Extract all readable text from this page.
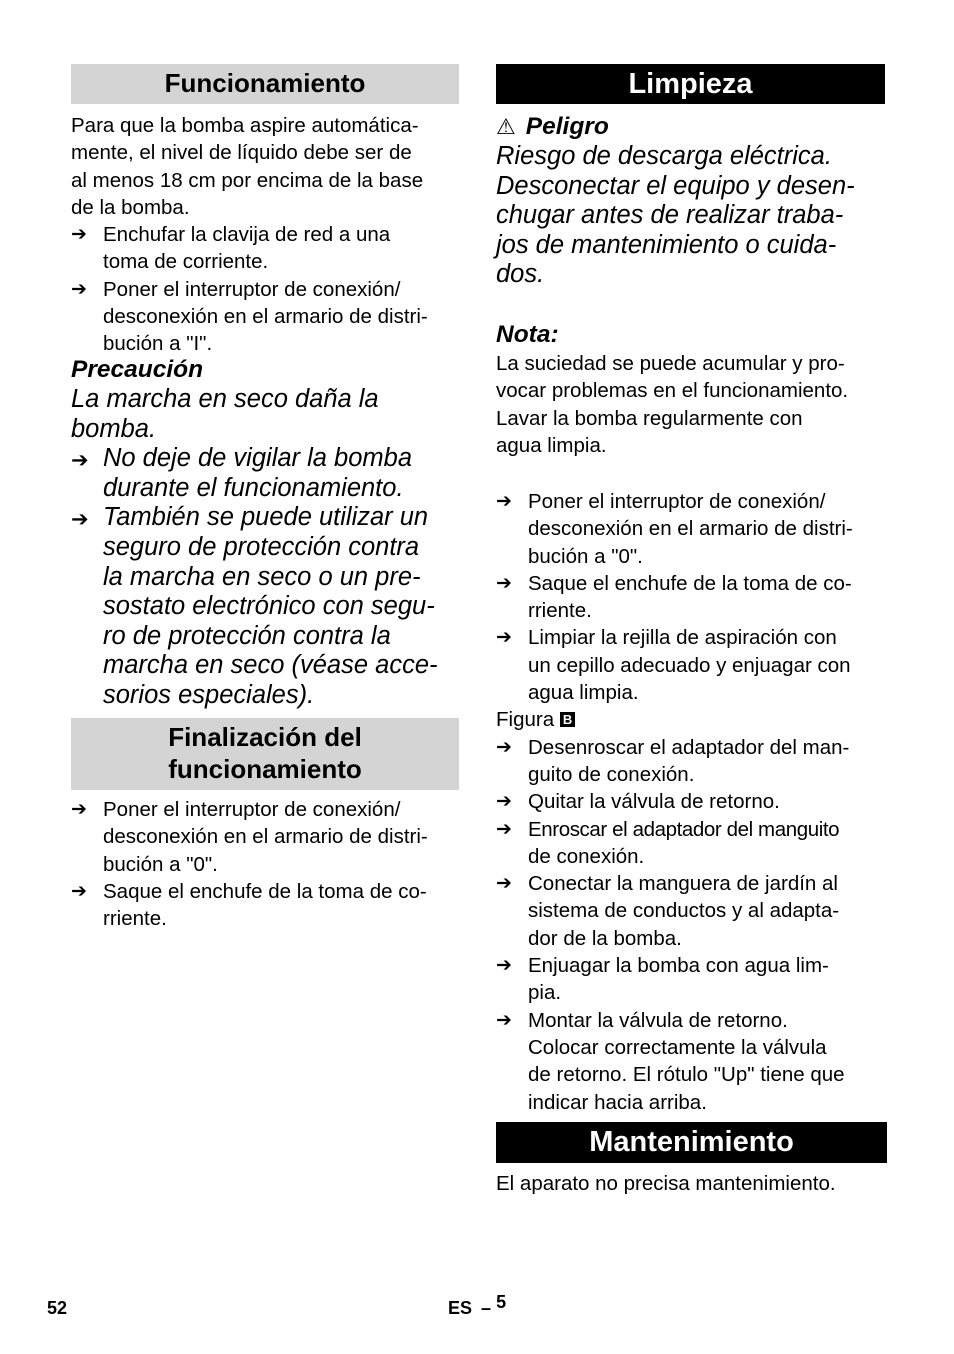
Funcionamiento
Para que la bomba aspire automática-
mente, el nivel de líquido debe ser de
al menos 18 cm por encima de la base
de la bomba.
➔ Enchufar la clavija de red a una
toma de corriente.
➔ Poner el interruptor de conexión/
desconexión en el armario de distri-
bución a "I".
Precaución
La marcha en seco daña la
bomba.
➔ No deje de vigilar la bomba
durante el funcionamiento.
➔ También se puede utilizar un
seguro de protección contra
la marcha en seco o un pre-
sostato electrónico con segu-
ro de protección contra la
marcha en seco (véase acce-
sorios especiales).
Finalización del
funcionamiento
➔ Poner el interruptor de conexión/
desconexión en el armario de distri-
bución a "0".
➔ Saque el enchufe de la toma de co-
rriente.
Limpieza
⚠ Peligro
Riesgo de descarga eléctrica.
Desconectar el equipo y desen-
chugar antes de realizar traba-
jos de mantenimiento o cuida-
dos.
Nota:
La suciedad se puede acumular y pro-
vocar problemas en el funcionamiento.
Lavar la bomba regularmente con
agua limpia.
➔ Poner el interruptor de conexión/
desconexión en el armario de distri-
bución a "0".
➔ Saque el enchufe de la toma de co-
rriente.
➔ Limpiar la rejilla de aspiración con
un cepillo adecuado y enjuagar con
agua limpia.
Figura B
➔ Desenroscar el adaptador del man-
guito de conexión.
➔ Quitar la válvula de retorno.
➔ Enroscar el adaptador del manguito
de conexión.
➔ Conectar la manguera de jardín al
sistema de conductos y al adapta-
dor de la bomba.
➔ Enjuagar la bomba con agua lim-
pia.
➔ Montar la válvula de retorno.
Colocar correctamente la válvula
de retorno. El rótulo "Up" tiene que
indicar hacia arriba.
Mantenimiento
El aparato no precisa mantenimiento.
52	ES – 5
